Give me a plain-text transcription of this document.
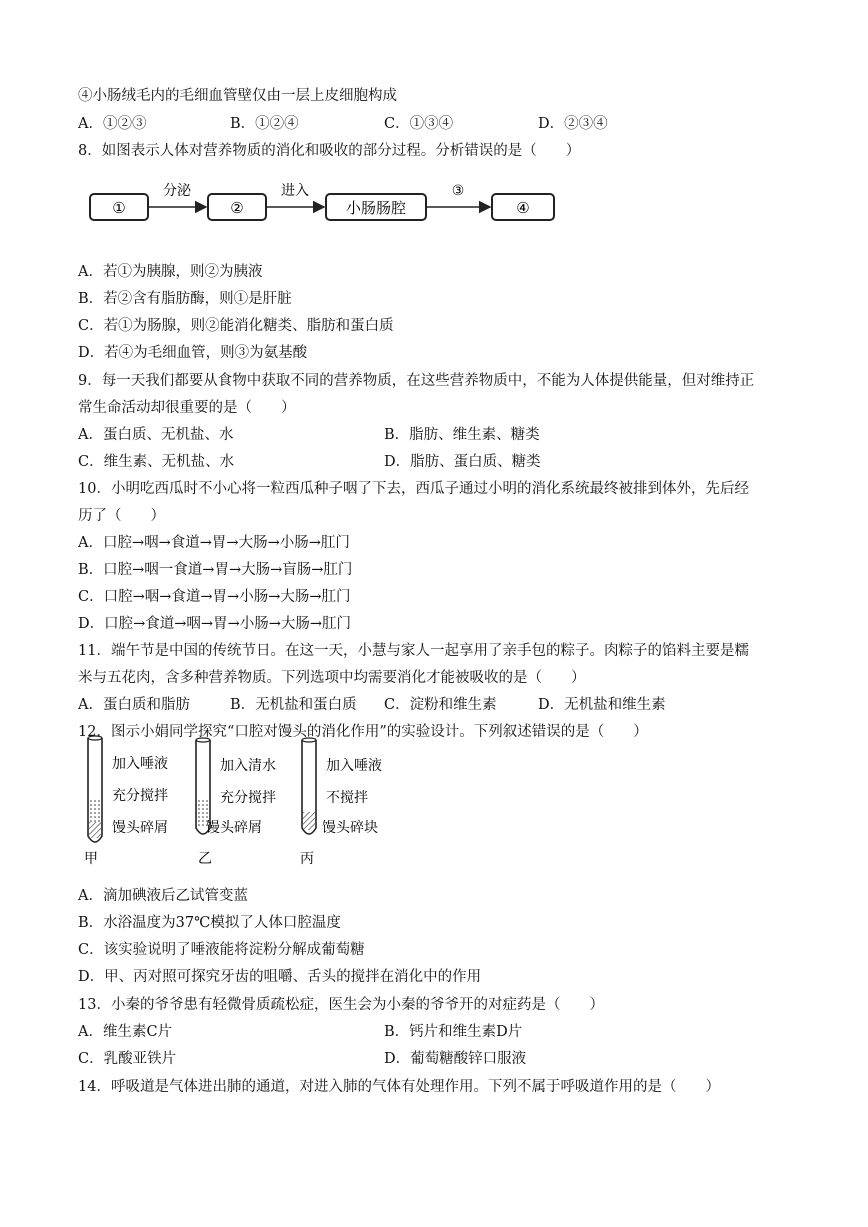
④小肠绒毛内的毛细血管壁仅由一层上皮细胞构成
A．①②③	B．①②④	C．①③④	D．②③④
8．如图表示人体对营养物质的消化和吸收的部分过程。分析错误的是（　　）
①
分泌
②
进入
小肠肠腔
③
④
A．若①为胰腺，则②为胰液
B．若②含有脂肪酶，则①是肝脏
C．若①为肠腺，则②能消化糖类、脂肪和蛋白质
D．若④为毛细血管，则③为氨基酸
9．每一天我们都要从食物中获取不同的营养物质，在这些营养物质中，不能为人体提供能量，但对维持正
常生命活动却很重要的是（　　）
A．蛋白质、无机盐、水	B．脂肪、维生素、糖类
C．维生素、无机盐、水	D．脂肪、蛋白质、糖类
10．小明吃西瓜时不小心将一粒西瓜种子咽了下去，西瓜子通过小明的消化系统最终被排到体外，先后经
历了（　　）
A．口腔→咽→食道→胃→大肠→小肠→肛门
B．口腔→咽一食道→胃→大肠→盲肠→肛门
C．口腔→咽→食道→胃→小肠→大肠→肛门
D．口腔→食道→咽→胃→小肠→大肠→肛门
11．端午节是中国的传统节日。在这一天，小慧与家人一起享用了亲手包的粽子。肉粽子的馅料主要是糯
米与五花肉，含多种营养物质。下列选项中均需要消化才能被吸收的是（　　）
A．蛋白质和脂肪	B．无机盐和蛋白质 C．淀粉和维生素	D．无机盐和维生素
12．图示小娟同学探究“口腔对馒头的消化作用”的实验设计。下列叙述错误的是（　　）
加入唾液
充分搅拌
馒头碎屑
甲
加入清水
充分搅拌
馒头碎屑
乙
加入唾液
不搅拌
馒头碎块
丙
A．滴加碘液后乙试管变蓝
B．水浴温度为37℃模拟了人体口腔温度
C．该实验说明了唾液能将淀粉分解成葡萄糖
D．甲、丙对照可探究牙齿的咀嚼、舌头的搅拌在消化中的作用
13．小秦的爷爷患有轻微骨质疏松症，医生会为小秦的爷爷开的对症药是（　　）
A．维生素C片	B．钙片和维生素D片
C．乳酸亚铁片	D．葡萄糖酸锌口服液
14．呼吸道是气体进出肺的通道，对进入肺的气体有处理作用。下列不属于呼吸道作用的是（　　）
